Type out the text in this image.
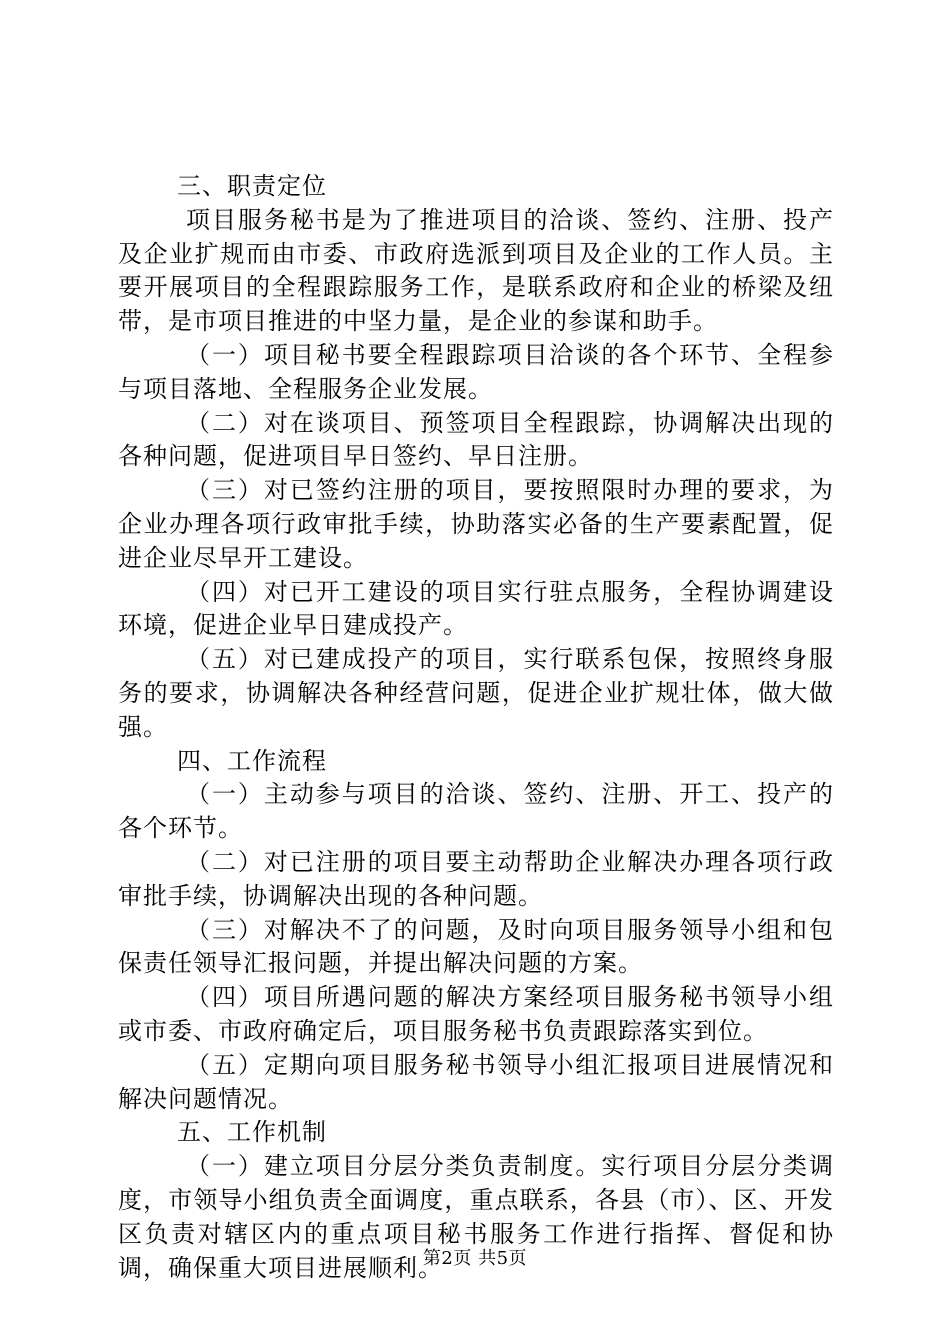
三、职责定位

项目服务秘书是为了推进项目的洽谈、签约、注册、投产及企业扩规而由市委、市政府选派到项目及企业的工作人员。主要开展项目的全程跟踪服务工作，是联系政府和企业的桥梁及纽带，是市项目推进的中坚力量，是企业的参谋和助手。

（一）项目秘书要全程跟踪项目洽谈的各个环节、全程参与项目落地、全程服务企业发展。

（二）对在谈项目、预签项目全程跟踪，协调解决出现的各种问题，促进项目早日签约、早日注册。

（三）对已签约注册的项目，要按照限时办理的要求，为企业办理各项行政审批手续，协助落实必备的生产要素配置，促进企业尽早开工建设。

（四）对已开工建设的项目实行驻点服务，全程协调建设环境，促进企业早日建成投产。

（五）对已建成投产的项目，实行联系包保，按照终身服务的要求，协调解决各种经营问题，促进企业扩规壮体，做大做强。

四、工作流程

（一）主动参与项目的洽谈、签约、注册、开工、投产的各个环节。

（二）对已注册的项目要主动帮助企业解决办理各项行政审批手续，协调解决出现的各种问题。

（三）对解决不了的问题，及时向项目服务领导小组和包保责任领导汇报问题，并提出解决问题的方案。

（四）项目所遇问题的解决方案经项目服务秘书领导小组或市委、市政府确定后，项目服务秘书负责跟踪落实到位。

（五）定期向项目服务秘书领导小组汇报项目进展情况和解决问题情况。

五、工作机制

（一）建立项目分层分类负责制度。实行项目分层分类调度，市领导小组负责全面调度，重点联系，各县（市）、区、开发区负责对辖区内的重点项目秘书服务工作进行指挥、督促和协调，确保重大项目进展顺利。

第2页 共5页
